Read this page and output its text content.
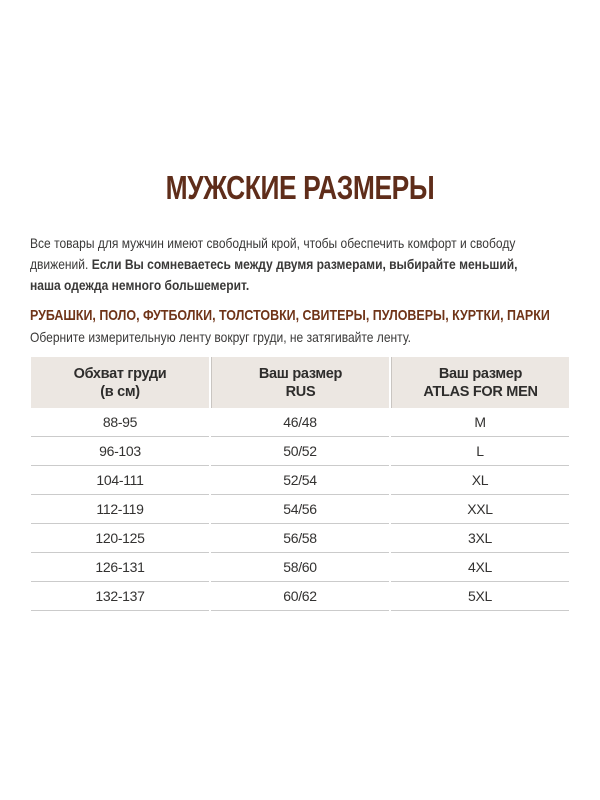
МУЖСКИЕ РАЗМЕРЫ
Все товары для мужчин имеют свободный крой, чтобы обеспечить комфорт и свободу
движений. Если Вы сомневаетесь между двумя размерами, выбирайте меньший,
наша одежда немного большемерит.
РУБАШКИ, ПОЛО, ФУТБОЛКИ, ТОЛСТОВКИ, СВИТЕРЫ, ПУЛОВЕРЫ, КУРТКИ, ПАРКИ
Оберните измерительную ленту вокруг груди, не затягивайте ленту.
Обхват груди
(в см)

Ваш размер
RUS

Ваш размер
ATLAS FOR MEN

88-95	46/48	M
96-103	50/52	L
104-111	52/54	XL
112-119	54/56	XXL
120-125	56/58	3XL
126-131	58/60	4XL
132-137	60/62	5XL
